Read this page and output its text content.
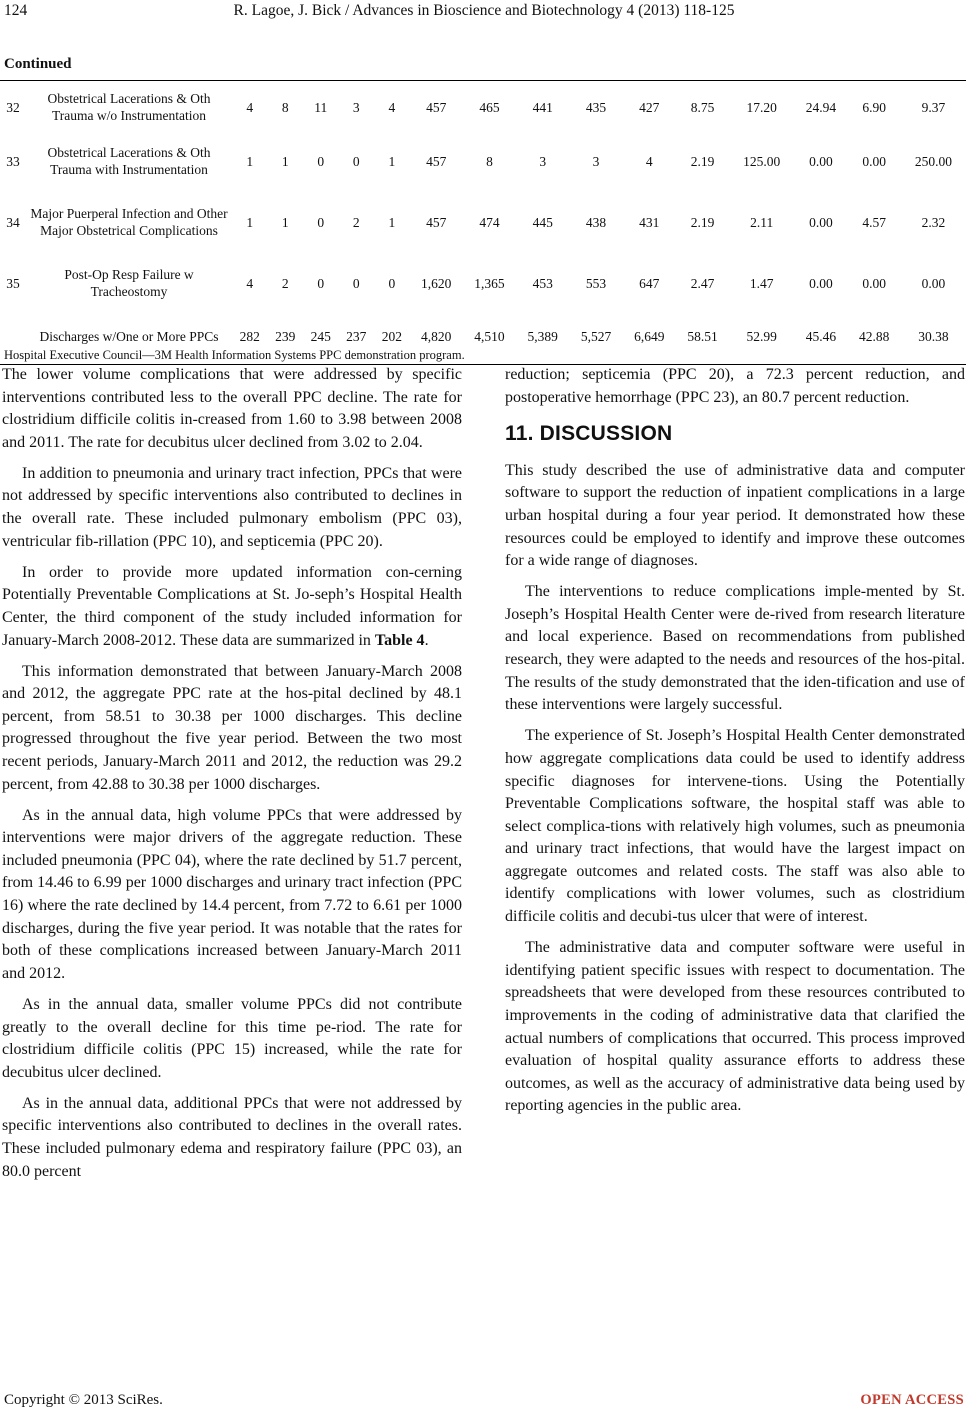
124	R. Lagoe, J. Bick / Advances in Bioscience and Biotechnology 4 (2013) 118-125
Continued
32	Obstetrical Lacerations & Oth Trauma w/o Instrumentation	4	8	11	3	4	457	465	441	435	427	8.75	17.20	24.94	6.90	9.37
33	Obstetrical Lacerations & Oth Trauma with Instrumentation	1	1	0	0	1	457	8	3	3	4	2.19	125.00	0.00	0.00	250.00
34	Major Puerperal Infection and Other Major Obstetrical Complications	1	1	0	2	1	457	474	445	438	431	2.19	2.11	0.00	4.57	2.32
35	Post-Op Resp Failure w Tracheostomy	4	2	0	0	0	1,620	1,365	453	553	647	2.47	1.47	0.00	0.00	0.00
	Discharges w/One or More PPCs	282	239	245	237	202	4,820	4,510	5,389	5,527	6,649	58.51	52.99	45.46	42.88	30.38
Hospital Executive Council—3M Health Information Systems PPC demonstration program.

The lower volume complications that were addressed by specific interventions contributed less to the overall PPC decline. The rate for clostridium difficile colitis in-creased from 1.60 to 3.98 between 2008 and 2011. The rate for decubitus ulcer declined from 3.02 to 2.04.

In addition to pneumonia and urinary tract infection, PPCs that were not addressed by specific interventions also contributed to declines in the overall rate. These included pulmonary embolism (PPC 03), ventricular fib-rillation (PPC 10), and septicemia (PPC 20).

In order to provide more updated information con-cerning Potentially Preventable Complications at St. Jo-seph’s Hospital Health Center, the third component of the study included information for January-March 2008-2012. These data are summarized in Table 4.

This information demonstrated that between January-March 2008 and 2012, the aggregate PPC rate at the hos-pital declined by 48.1 percent, from 58.51 to 30.38 per 1000 discharges. This decline progressed throughout the five year period. Between the two most recent periods, January-March 2011 and 2012, the reduction was 29.2 percent, from 42.88 to 30.38 per 1000 discharges.

As in the annual data, high volume PPCs that were addressed by interventions were major drivers of the aggregate reduction. These included pneumonia (PPC 04), where the rate declined by 51.7 percent, from 14.46 to 6.99 per 1000 discharges and urinary tract infection (PPC 16) where the rate declined by 14.4 percent, from 7.72 to 6.61 per 1000 discharges, during the five year period. It was notable that the rates for both of these complications increased between January-March 2011 and 2012.

As in the annual data, smaller volume PPCs did not contribute greatly to the overall decline for this time pe-riod. The rate for clostridium difficile colitis (PPC 15) increased, while the rate for decubitus ulcer declined.

As in the annual data, additional PPCs that were not addressed by specific interventions also contributed to declines in the overall rates. These included pulmonary edema and respiratory failure (PPC 03), an 80.0 percent

reduction; septicemia (PPC 20), a 72.3 percent reduction, and postoperative hemorrhage (PPC 23), an 80.7 percent reduction.

11. DISCUSSION

This study described the use of administrative data and computer software to support the reduction of inpatient complications in a large urban hospital during a four year period. It demonstrated how these resources could be employed to identify and improve these outcomes for a wide range of diagnoses.

The interventions to reduce complications imple-mented by St. Joseph’s Hospital Health Center were de-rived from research literature and local experience. Based on recommendations from published research, they were adapted to the needs and resources of the hos-pital. The results of the study demonstrated that the iden-tification and use of these interventions were largely successful.

The experience of St. Joseph’s Hospital Health Center demonstrated how aggregate complications data could be used to identify address specific diagnoses for intervene-tions. Using the Potentially Preventable Complications software, the hospital staff was able to select complica-tions with relatively high volumes, such as pneumonia and urinary tract infections, that would have the largest impact on aggregate outcomes and related costs. The staff was also able to identify complications with lower volumes, such as clostridium difficile colitis and decubi-tus ulcer that were of interest.

The administrative data and computer software were useful in identifying patient specific issues with respect to documentation. The spreadsheets that were developed from these resources contributed to improvements in the coding of administrative data that clarified the actual numbers of complications that occurred. This process improved evaluation of hospital quality assurance efforts to address these outcomes, as well as the accuracy of administrative data being used by reporting agencies in the public area.

Copyright © 2013 SciRes.	OPEN ACCESS
